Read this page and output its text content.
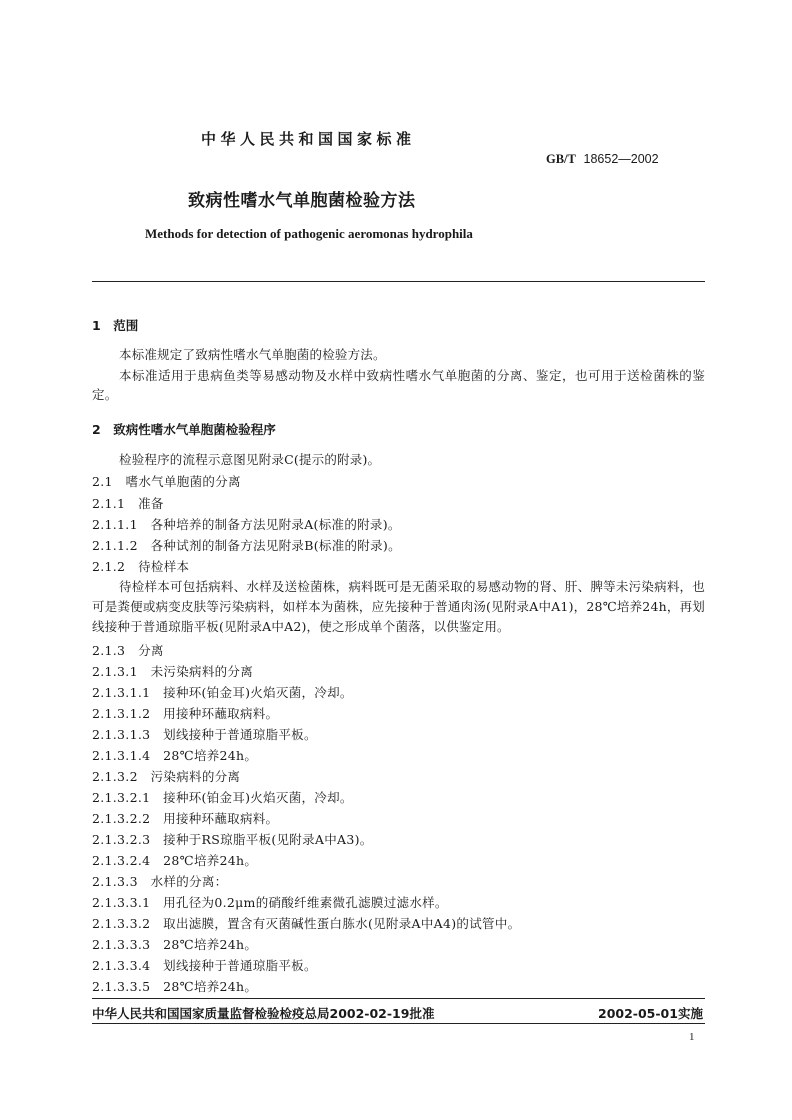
中华人民共和国国家标准
GB/T 18652—2002
致病性嗜水气单胞菌检验方法
Methods for detection of pathogenic aeromonas hydrophila
1　范围
本标准规定了致病性嗜水气单胞菌的检验方法。
本标准适用于患病鱼类等易感动物及水样中致病性嗜水气单胞菌的分离、鉴定，也可用于送检菌株的鉴定。
2　致病性嗜水气单胞菌检验程序
检验程序的流程示意图见附录C(提示的附录)。
2.1　嗜水气单胞菌的分离
2.1.1　准备
2.1.1.1　各种培养的制备方法见附录A(标准的附录)。
2.1.1.2　各种试剂的制备方法见附录B(标准的附录)。
2.1.2　待检样本
待检样本可包括病料、水样及送检菌株，病料既可是无菌采取的易感动物的肾、肝、脾等未污染病料，也可是粪便或病变皮肤等污染病料，如样本为菌株，应先接种于普通肉汤(见附录A中A1)，28℃培养24h，再划线接种于普通琼脂平板(见附录A中A2)，使之形成单个菌落，以供鉴定用。
2.1.3　分离
2.1.3.1　未污染病料的分离
2.1.3.1.1　接种环(铂金耳)火焰灭菌，冷却。
2.1.3.1.2　用接种环蘸取病料。
2.1.3.1.3　划线接种于普通琼脂平板。
2.1.3.1.4　28℃培养24h。
2.1.3.2　污染病料的分离
2.1.3.2.1　接种环(铂金耳)火焰灭菌，冷却。
2.1.3.2.2　用接种环蘸取病料。
2.1.3.2.3　接种于RS琼脂平板(见附录A中A3)。
2.1.3.2.4　28℃培养24h。
2.1.3.3　水样的分离：
2.1.3.3.1　用孔径为0.2μm的硝酸纤维素微孔滤膜过滤水样。
2.1.3.3.2　取出滤膜，置含有灭菌碱性蛋白胨水(见附录A中A4)的试管中。
2.1.3.3.3　28℃培养24h。
2.1.3.3.4　划线接种于普通琼脂平板。
2.1.3.3.5　28℃培养24h。
中华人民共和国国家质量监督检验检疫总局2002-02-19批准	2002-05-01实施
1
